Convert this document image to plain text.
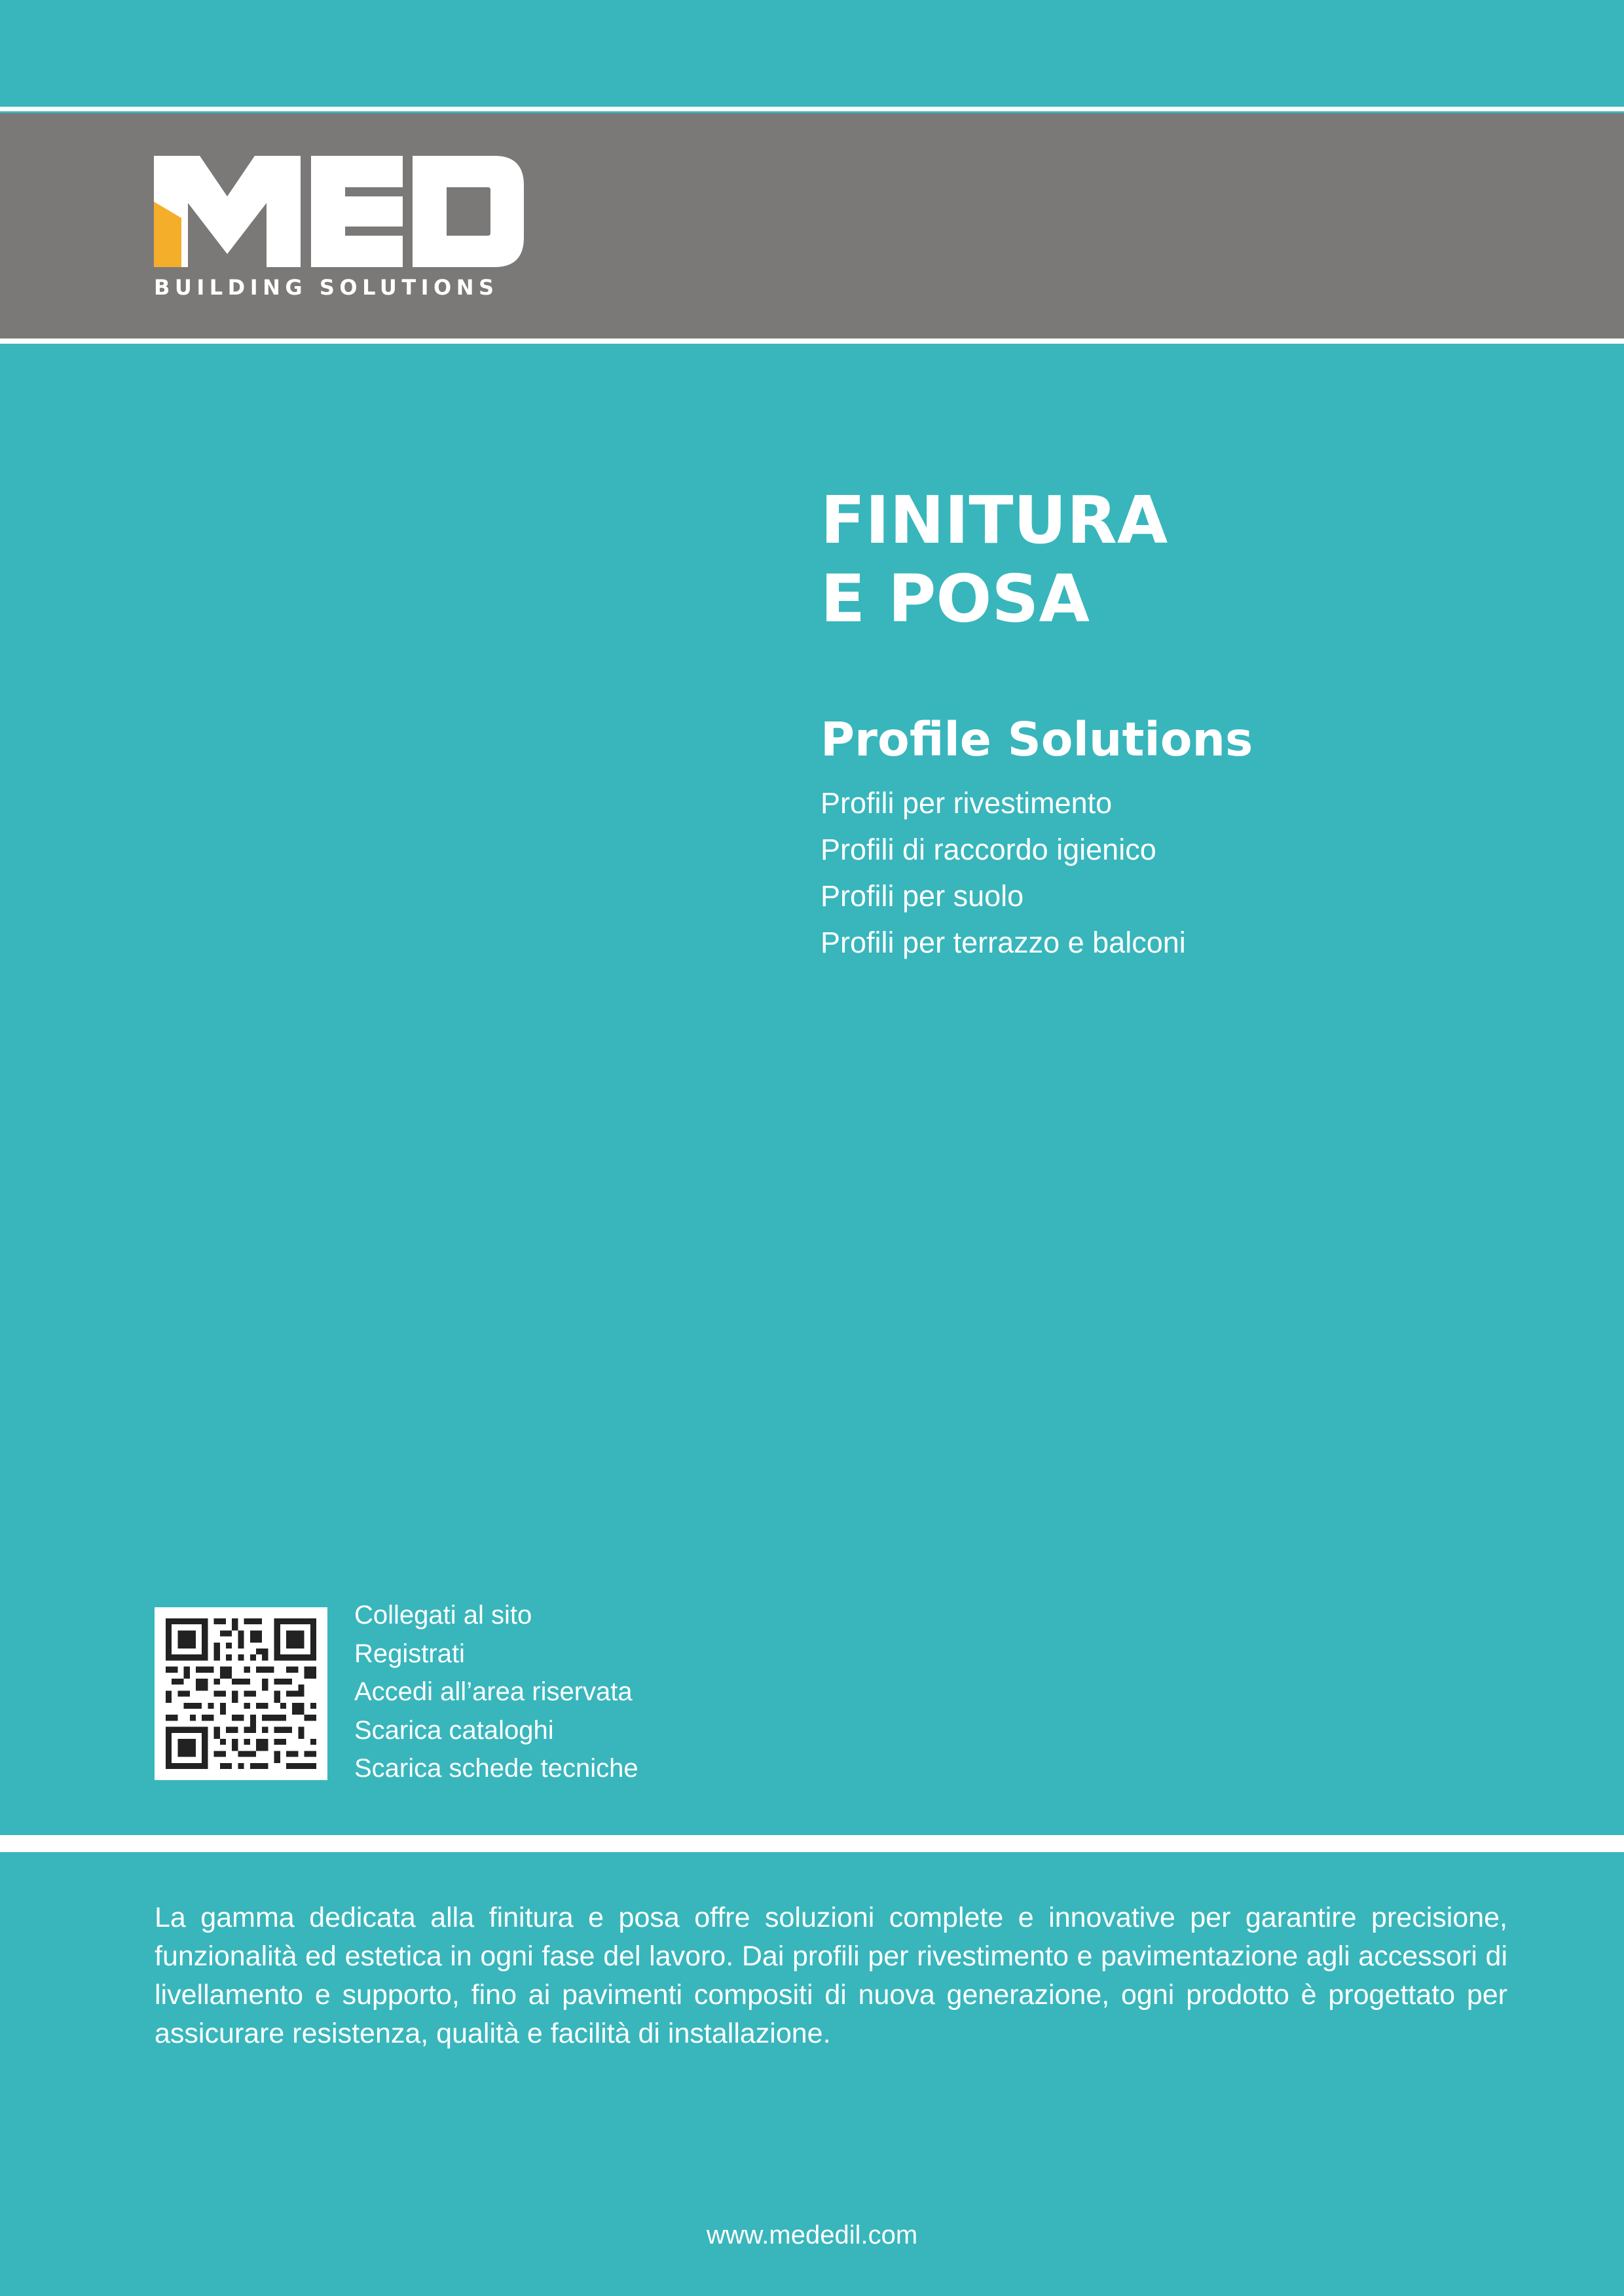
BUILDING SOLUTIONS
FINITURA
E POSA
Profile Solutions
Profili per rivestimento
Profili di raccordo igienico
Profili per suolo
Profili per terrazzo e balconi
Collegati al sito
Registrati
Accedi all’area riservata
Scarica cataloghi
Scarica schede tecniche

La gamma dedicata alla finitura e posa offre soluzioni complete e innovative per garantire precisione, funzionalità ed estetica in ogni fase del lavoro. Dai profili per rivestimento e pavimentazione agli accessori di livellamento e supporto, fino ai pavimenti compositi di nuova generazione, ogni prodotto è progettato per assicurare resistenza, qualità e facilità di installazione.

www.mededil.com
